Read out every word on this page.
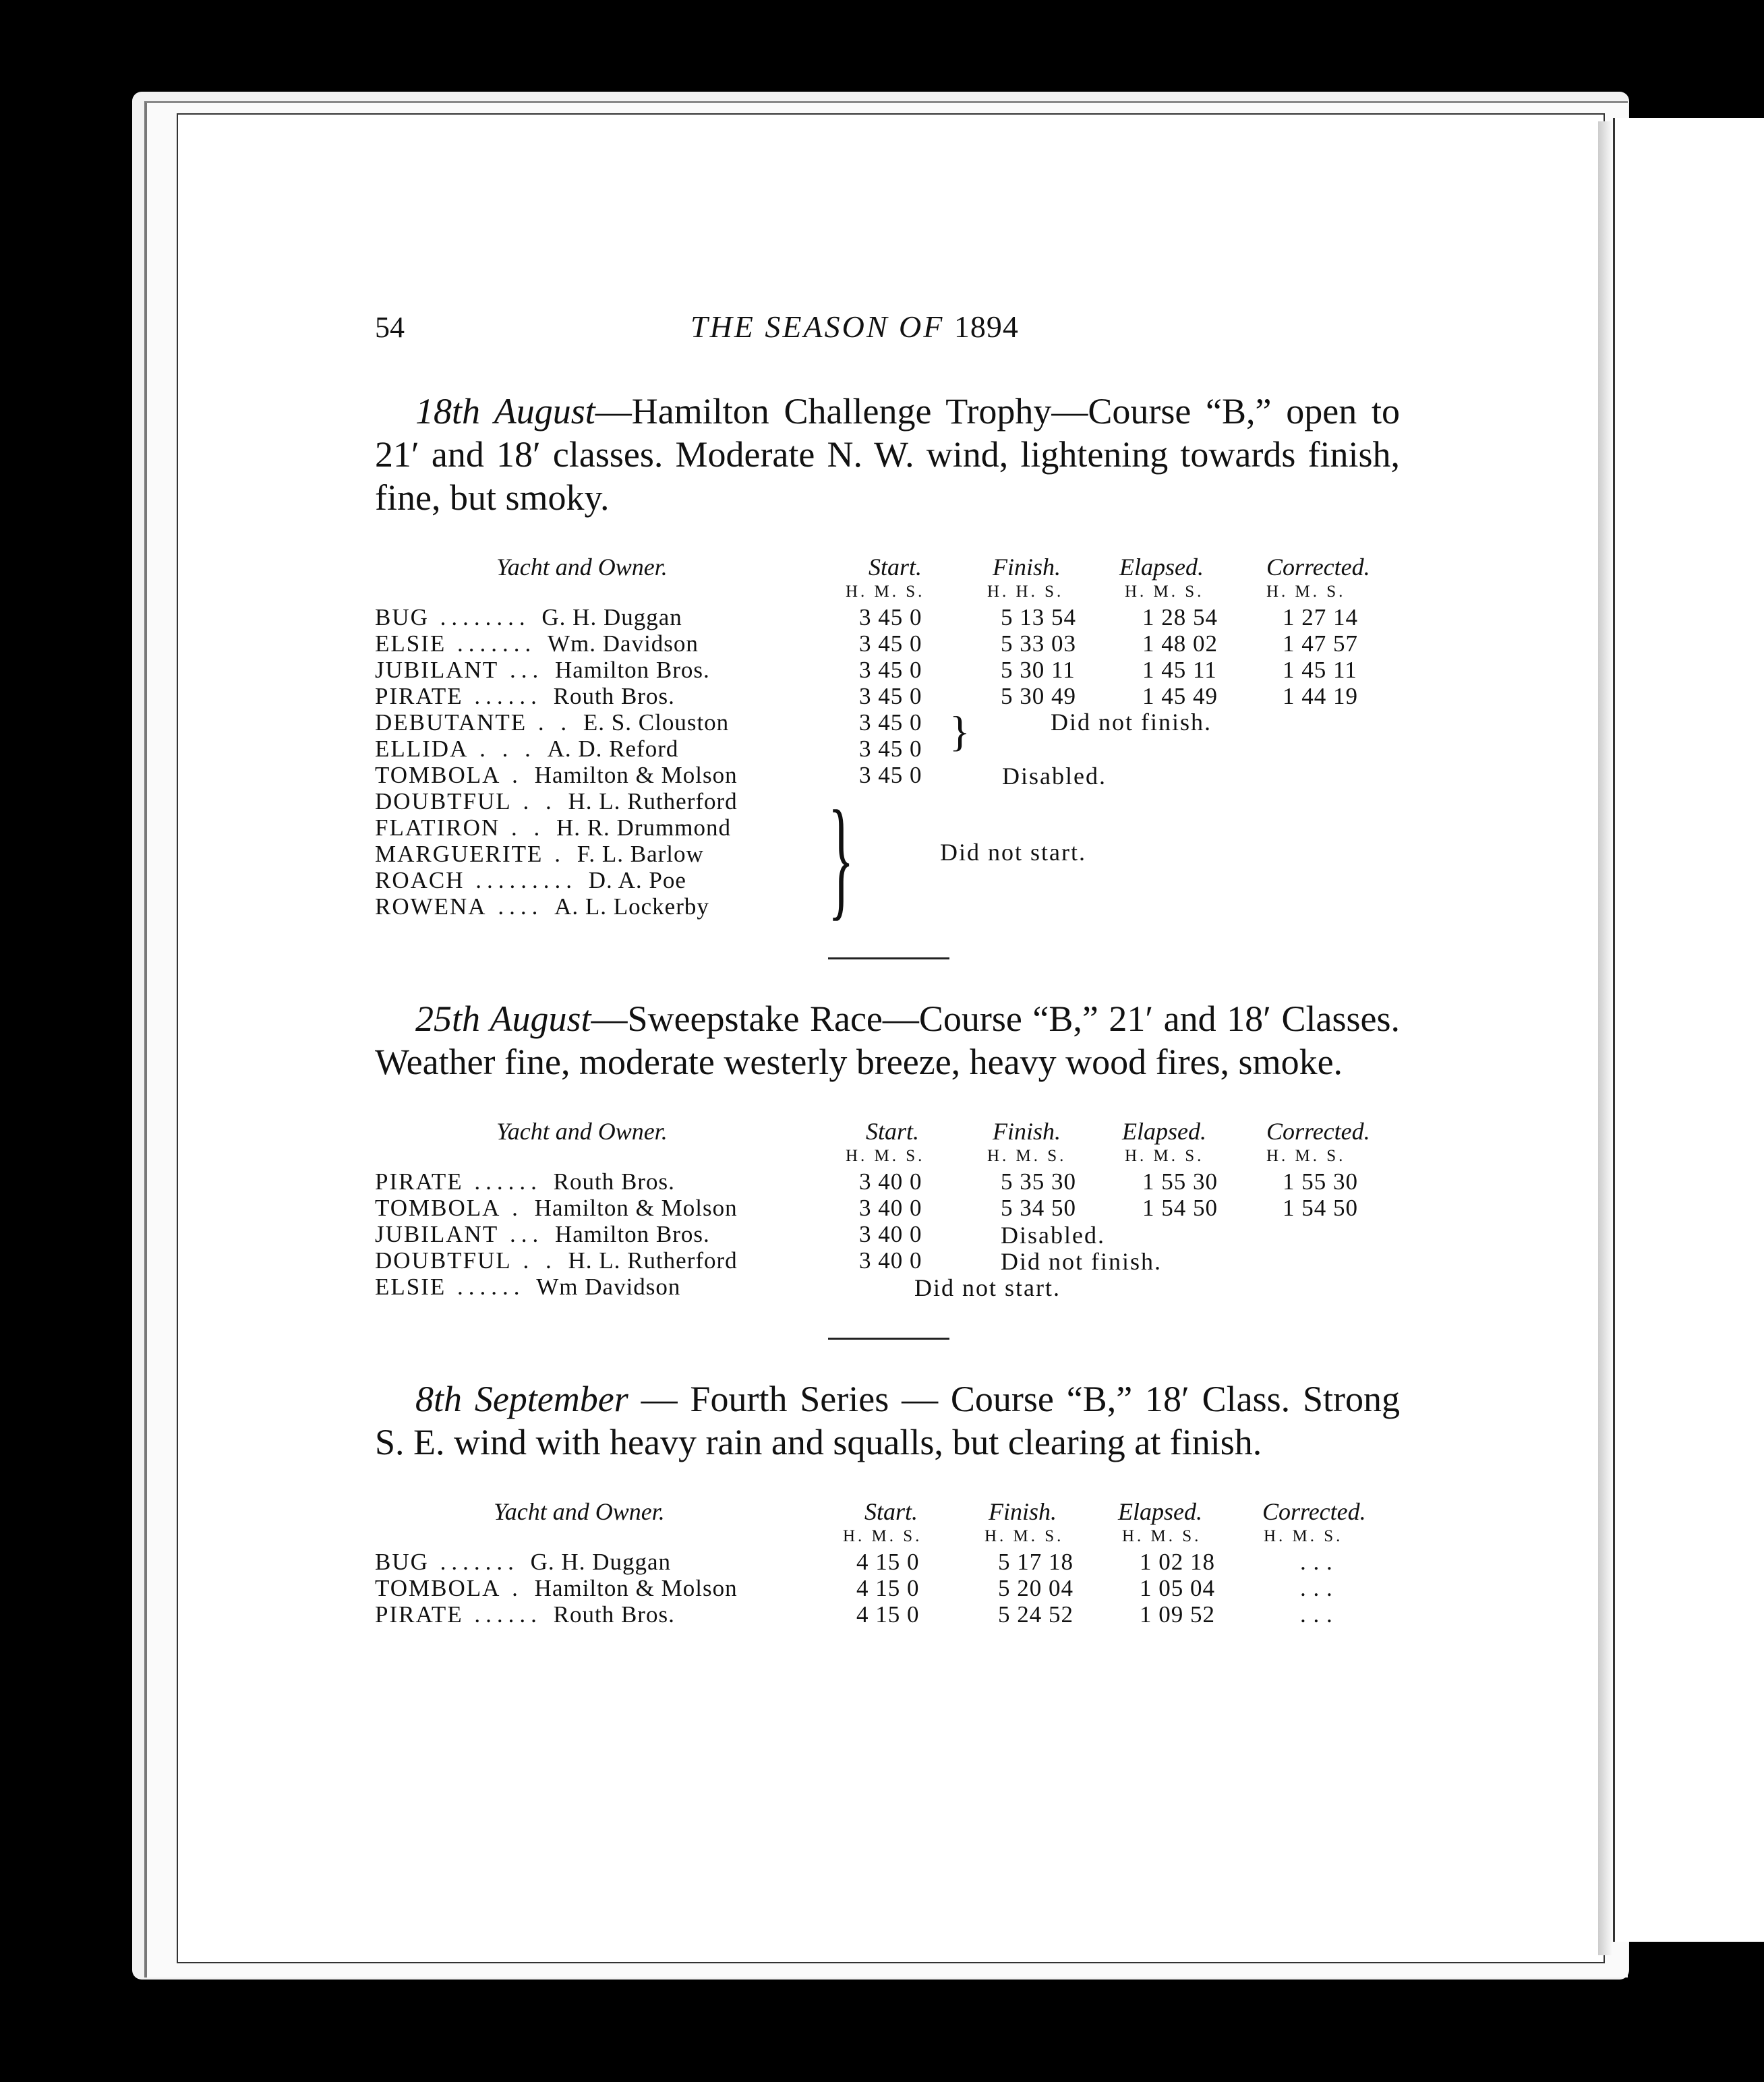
54	THE SEASON OF 1894

18th August—Hamilton Challenge Trophy—Course “B,” open to 21′ and 18′ classes. Moderate N. W. wind, lightening towards finish, fine, but smoky.

Yacht and Owner.	Start.	Finish. Elapsed.	Corrected.
H. M. S.	H. H. S.	H. M. S.	H. M. S.
BUG ........ G. H. Duggan	3 45 0	5 13 54	1 28 54	1 27 14
ELSIE ....... Wm. Davidson	3 45 0	5 33 03	1 48 02	1 47 57
JUBILANT ... Hamilton Bros.	3 45 0	5 30 11	1 45 11	1 45 11
PIRATE ...... Routh Bros.	3 45 0	5 30 49	1 45 49	1 44 19
DEBUTANTE . . E. S. Clouston	3 45 0 }	Did not finish.
ELLIDA . . . A. D. Reford	3 45 0
TOMBOLA . Hamilton & Molson	3 45 0	Disabled.
DOUBTFUL . . H. L. Rutherford }
FLATIRON . . H. R. Drummond
MARGUERITE . F. L. Barlow	Did not start.
ROACH ......... D. A. Poe
ROWENA .... A. L. Lockerby

25th August—Sweepstake Race—Course “B,” 21′ and 18′ Classes. Weather fine, moderate westerly breeze, heavy wood fires, smoke.

Yacht and Owner.	Start.	Finish.	Elapsed. Corrected.
H. M. S.	H. M. S.	H. M. S.	H. M. S.
PIRATE ...... Routh Bros.	3 40 0	5 35 30	1 55 30	1 55 30
TOMBOLA . Hamilton & Molson	3 40 0	5 34 50	1 54 50	1 54 50
JUBILANT ... Hamilton Bros.	3 40 0	Disabled.
DOUBTFUL . . H. L. Rutherford	3 40 0	Did not finish.
ELSIE ...... Wm Davidson	Did not start.

8th September — Fourth Series — Course “B,” 18′ Class. Strong S. E. wind with heavy rain and squalls, but clearing at finish.

Yacht and Owner.	Start.	Finish.	Elapsed. Corrected.
H. M. S.	H. M. S.	H. M. S.	H. M. S.
BUG ....... G. H. Duggan	4 15 0	5 17 18	1 02 18	. . .
TOMBOLA . Hamilton & Molson	4 15 0	5 20 04	1 05 04	. . .
PIRATE ...... Routh Bros.	4 15 0	5 24 52	1 09 52	. . .
